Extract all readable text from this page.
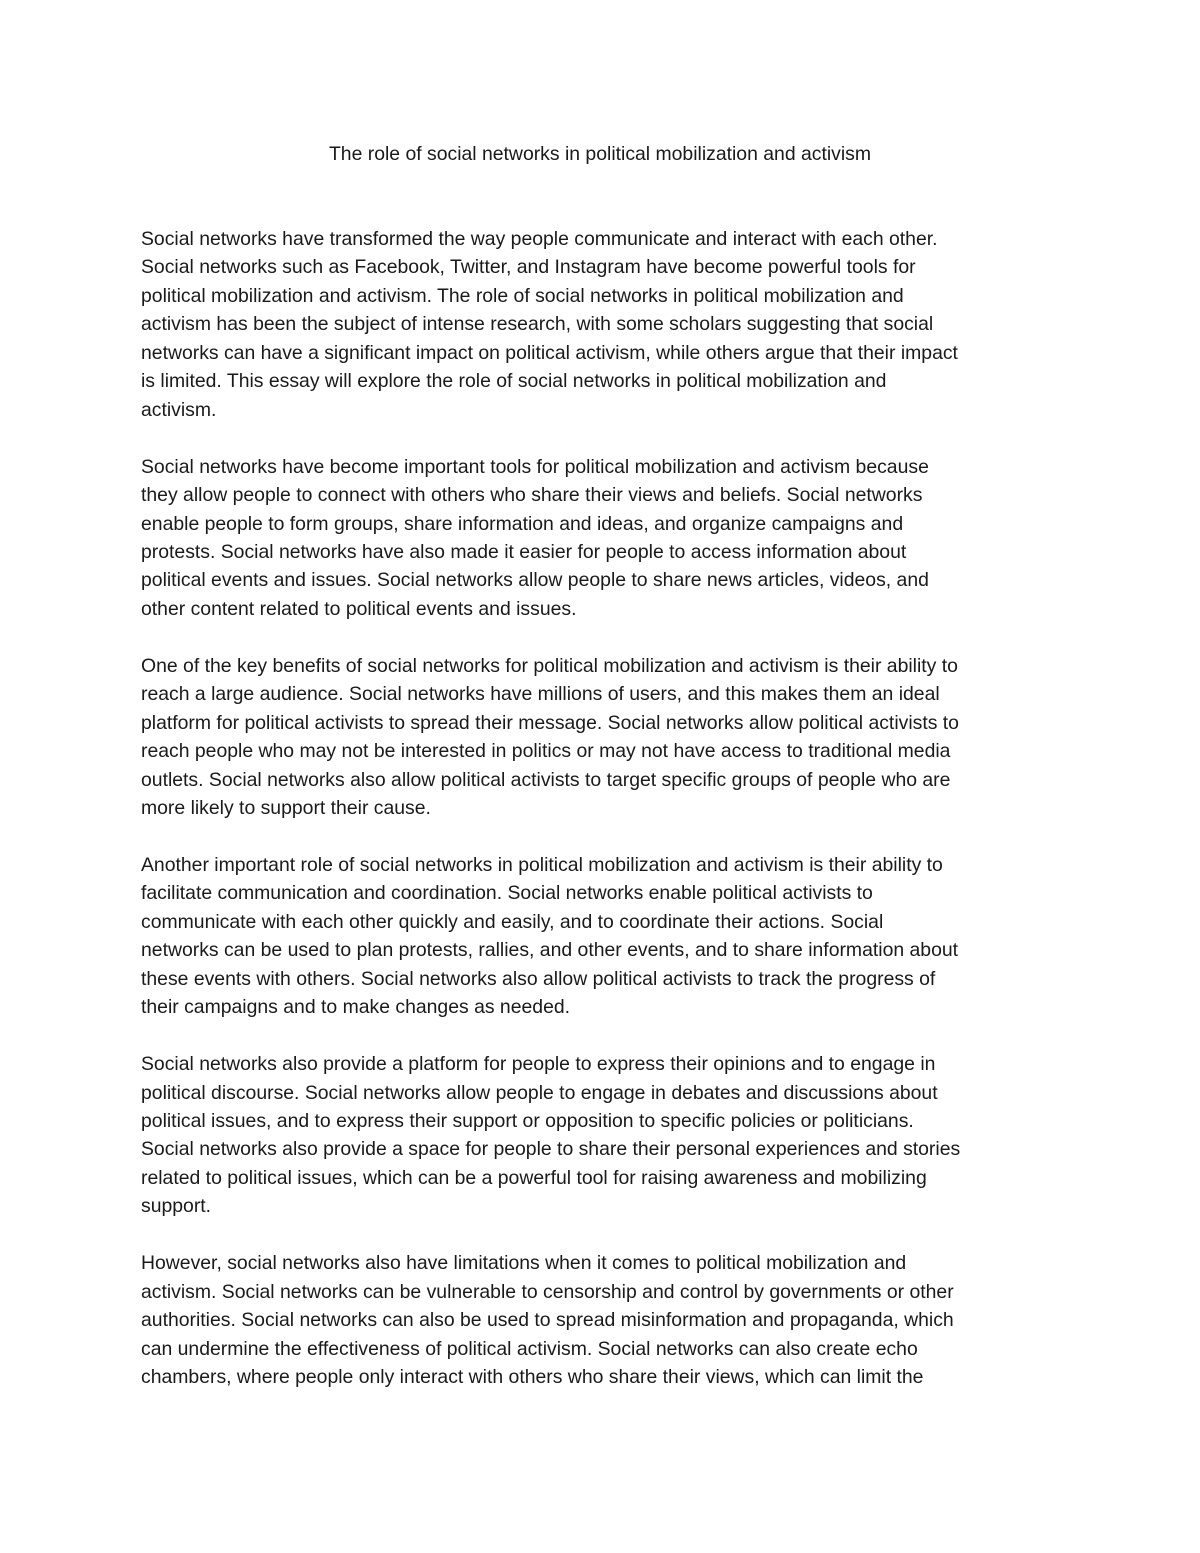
The role of social networks in political mobilization and activism

Social networks have transformed the way people communicate and interact with each other.
Social networks such as Facebook, Twitter, and Instagram have become powerful tools for
political mobilization and activism. The role of social networks in political mobilization and
activism has been the subject of intense research, with some scholars suggesting that social
networks can have a significant impact on political activism, while others argue that their impact
is limited. This essay will explore the role of social networks in political mobilization and
activism.

Social networks have become important tools for political mobilization and activism because
they allow people to connect with others who share their views and beliefs. Social networks
enable people to form groups, share information and ideas, and organize campaigns and
protests. Social networks have also made it easier for people to access information about
political events and issues. Social networks allow people to share news articles, videos, and
other content related to political events and issues.

One of the key benefits of social networks for political mobilization and activism is their ability to
reach a large audience. Social networks have millions of users, and this makes them an ideal
platform for political activists to spread their message. Social networks allow political activists to
reach people who may not be interested in politics or may not have access to traditional media
outlets. Social networks also allow political activists to target specific groups of people who are
more likely to support their cause.

Another important role of social networks in political mobilization and activism is their ability to
facilitate communication and coordination. Social networks enable political activists to
communicate with each other quickly and easily, and to coordinate their actions. Social
networks can be used to plan protests, rallies, and other events, and to share information about
these events with others. Social networks also allow political activists to track the progress of
their campaigns and to make changes as needed.

Social networks also provide a platform for people to express their opinions and to engage in
political discourse. Social networks allow people to engage in debates and discussions about
political issues, and to express their support or opposition to specific policies or politicians.
Social networks also provide a space for people to share their personal experiences and stories
related to political issues, which can be a powerful tool for raising awareness and mobilizing
support.

However, social networks also have limitations when it comes to political mobilization and
activism. Social networks can be vulnerable to censorship and control by governments or other
authorities. Social networks can also be used to spread misinformation and propaganda, which
can undermine the effectiveness of political activism. Social networks can also create echo
chambers, where people only interact with others who share their views, which can limit the
